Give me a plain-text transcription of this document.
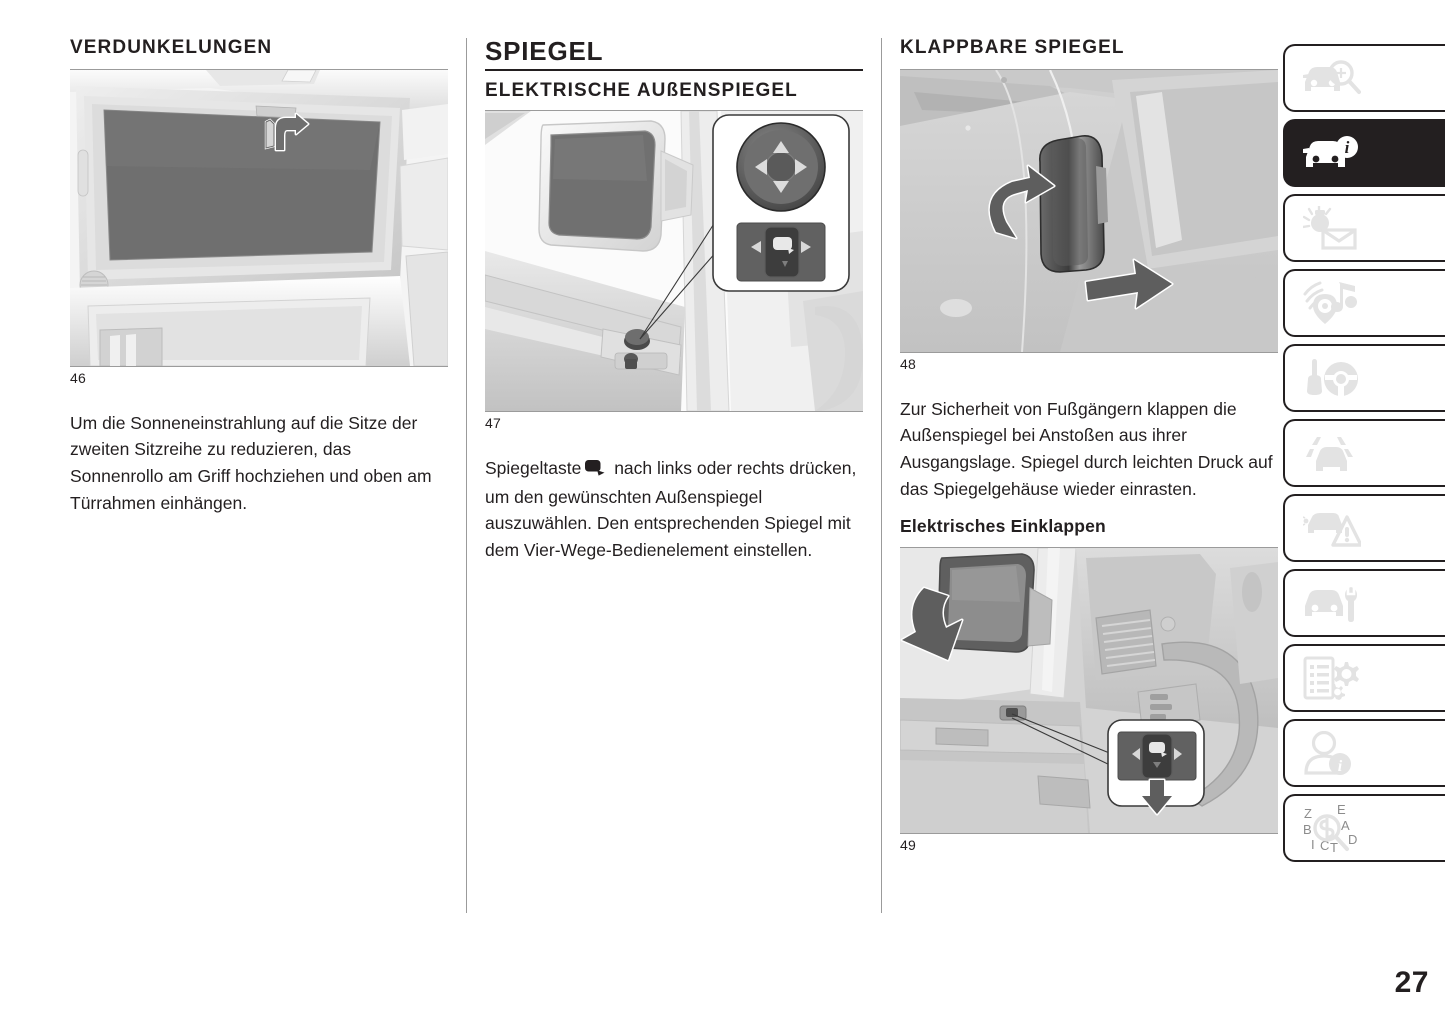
VERDUNKELUNGEN
46

Um die Sonneneinstrahlung auf die Sitze der zweiten Sitzreihe zu reduzieren, das Sonnenrollo am Griff hochziehen und oben am Türrahmen einhängen.

SPIEGEL
ELEKTRISCHE AUßENSPIEGEL
47

Spiegeltaste nach links oder rechts drücken, um den gewünschten Außenspiegel auszuwählen. Den entsprechenden Spiegel mit dem Vier-Wege-Bedienelement einstellen.

KLAPPBARE SPIEGEL
48

Zur Sicherheit von Fußgängern klappen die Außenspiegel bei Anstoßen aus ihrer Ausgangslage. Spiegel durch leichten Druck auf das Spiegelgehäuse wieder einrasten.

Elektrisches Einklappen
49
i
i
Z
B
I C T
E
A
D
27
